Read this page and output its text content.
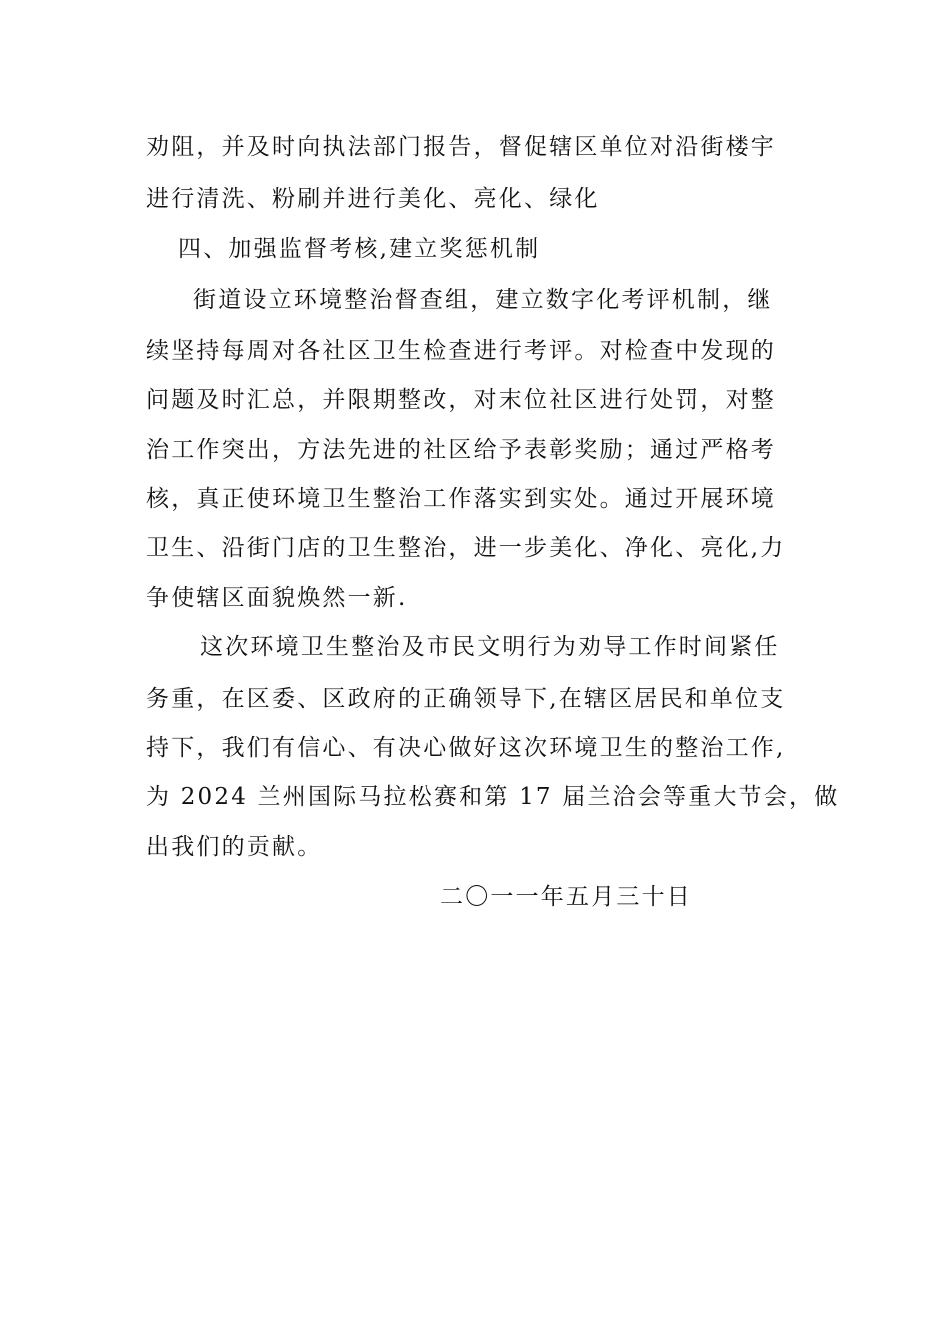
劝阻，并及时向执法部门报告，督促辖区单位对沿街楼宇
进行清洗、粉刷并进行美化、亮化、绿化
四、加强监督考核,建立奖惩机制
街道设立环境整治督查组，建立数字化考评机制，继
续坚持每周对各社区卫生检查进行考评。对检查中发现的
问题及时汇总，并限期整改，对末位社区进行处罚，对整
治工作突出，方法先进的社区给予表彰奖励；通过严格考
核，真正使环境卫生整治工作落实到实处。通过开展环境
卫生、沿街门店的卫生整治，进一步美化、净化、亮化,力
争使辖区面貌焕然一新.
这次环境卫生整治及市民文明行为劝导工作时间紧任
务重，在区委、区政府的正确领导下,在辖区居民和单位支
持下，我们有信心、有决心做好这次环境卫生的整治工作,
为 2024 兰州国际马拉松赛和第 17 届兰洽会等重大节会，做
出我们的贡献。
二〇一一年五月三十日
